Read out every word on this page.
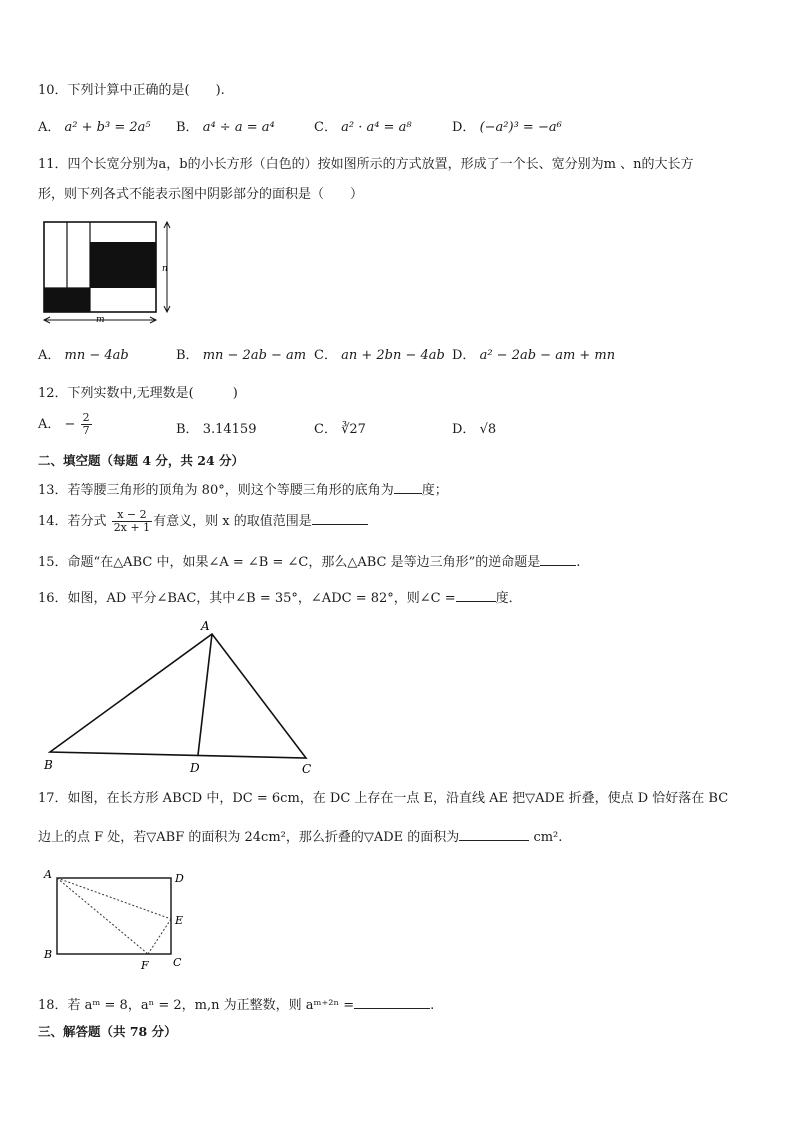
10．下列计算中正确的是(　　).
A． a² + b³ = 2a⁵ B． a⁴ ÷ a = a⁴	C． a² · a⁴ = a⁸	D． (−a²)³ = −a⁶
11．四个长宽分别为a，b的小长方形（白色的）按如图所示的方式放置，形成了一个长、宽分别为m 、n的大长方
形，则下列各式不能表示图中阴影部分的面积是（　　）
n
m
A． mn − 4ab	B． mn − 2ab − am C． an + 2bn − 4ab D． a² − 2ab − am + mn
12．下列实数中,无理数是(　　　)
A． − $\frac{2}{7}$	B． 3.14159	C． ∛27	D． √8
二、填空题（每题 4 分，共 24 分）
13．若等腰三角形的顶角为 80°，则这个等腰三角形的底角为 度；
14．若分式 $\frac{x - 2}{2x + 1}$ 有意义，则 x 的取值范围是
15．命题“在△ABC 中，如果∠A = ∠B = ∠C，那么△ABC 是等边三角形”的逆命题是	.
16．如图，AD 平分∠BAC，其中∠B = 35°，∠ADC = 82°，则∠C =	度．
A
B	D	C
17．如图，在长方形 ABCD 中，DC = 6cm，在 DC 上存在一点 E，沿直线 AE 把▽ADE 折叠，使点 D 恰好落在 BC
边上的点 F 处，若▽ABF 的面积为 24cm²，那么折叠的▽ADE 的面积为	cm².
A	D
E
B
F C
18．若 aᵐ = 8，aⁿ = 2，m,n 为正整数，则 aᵐ⁺²ⁿ =	.
三、解答题（共 78 分）
